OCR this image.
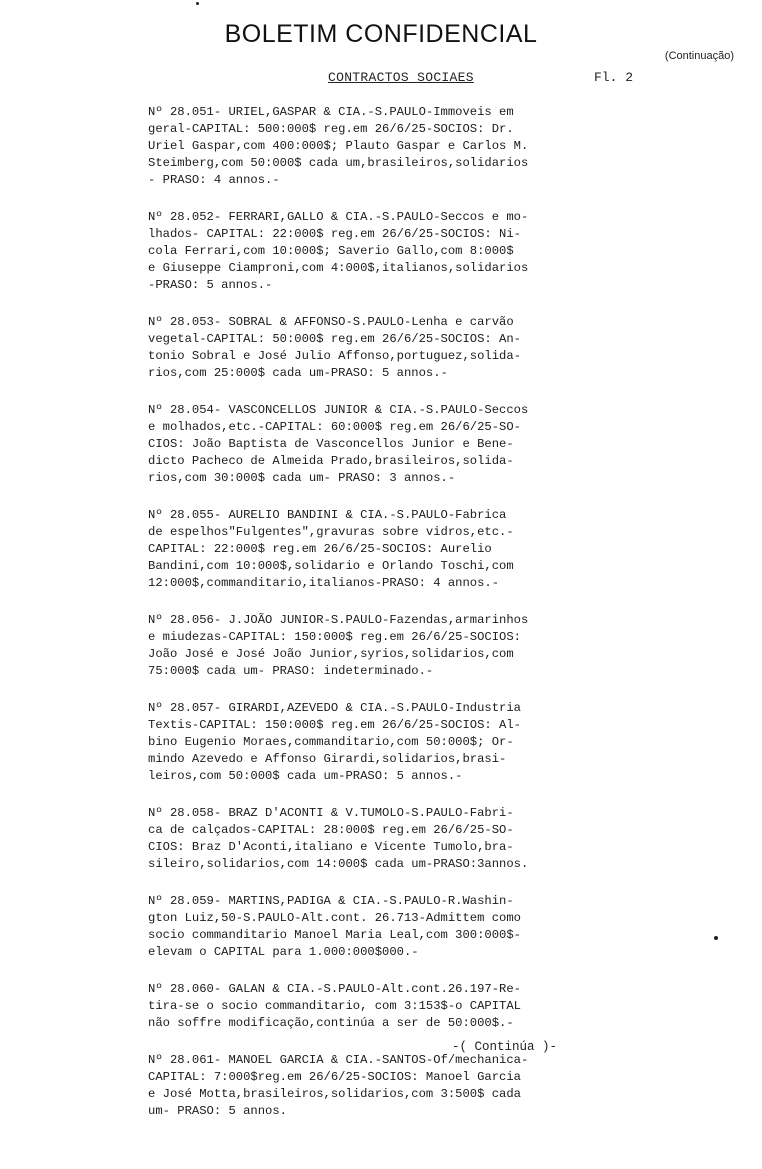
BOLETIM CONFIDENCIAL
(Continuação)
CONTRACTOS SOCIAES	Fl. 2
Nº 28.051- URIEL,GASPAR & CIA.-S.PAULO-Immoveis em
geral-CAPITAL: 500:000$ reg.em 26/6/25-SOCIOS: Dr.
Uriel Gaspar,com 400:000$; Plauto Gaspar e Carlos M.
Steimberg,com 50:000$ cada um,brasileiros,solidarios
- PRASO: 4 annos.-
Nº 28.052- FERRARI,GALLO & CIA.-S.PAULO-Seccos e mo-
lhados- CAPITAL: 22:000$ reg.em 26/6/25-SOCIOS: Ni-
cola Ferrari,com 10:000$; Saverio Gallo,com 8:000$
e Giuseppe Ciamproni,com 4:000$,italianos,solidarios
-PRASO: 5 annos.-
Nº 28.053- SOBRAL & AFFONSO-S.PAULO-Lenha e carvão
vegetal-CAPITAL: 50:000$ reg.em 26/6/25-SOCIOS: An-
tonio Sobral e José Julio Affonso,portuguez,solida-
rios,com 25:000$ cada um-PRASO: 5 annos.-
Nº 28.054- VASCONCELLOS JUNIOR & CIA.-S.PAULO-Seccos
e molhados,etc.-CAPITAL: 60:000$ reg.em 26/6/25-SO-
CIOS: João Baptista de Vasconcellos Junior e Bene-
dicto Pacheco de Almeida Prado,brasileiros,solida-
rios,com 30:000$ cada um- PRASO: 3 annos.-
Nº 28.055- AURELIO BANDINI & CIA.-S.PAULO-Fabrica
de espelhos"Fulgentes",gravuras sobre vidros,etc.-
CAPITAL: 22:000$ reg.em 26/6/25-SOCIOS: Aurelio
Bandini,com 10:000$,solidario e Orlando Toschi,com
12:000$,commanditario,italianos-PRASO: 4 annos.-
Nº 28.056- J.JOÃO JUNIOR-S.PAULO-Fazendas,armarinhos
e miudezas-CAPITAL: 150:000$ reg.em 26/6/25-SOCIOS:
João José e José João Junior,syrios,solidarios,com
75:000$ cada um- PRASO: indeterminado.-
Nº 28.057- GIRARDI,AZEVEDO & CIA.-S.PAULO-Industria
Textis-CAPITAL: 150:000$ reg.em 26/6/25-SOCIOS: Al-
bino Eugenio Moraes,commanditario,com 50:000$; Or-
mindo Azevedo e Affonso Girardi,solidarios,brasi-
leiros,com 50:000$ cada um-PRASO: 5 annos.-
Nº 28.058- BRAZ D'ACONTI & V.TUMOLO-S.PAULO-Fabri-
ca de calçados-CAPITAL: 28:000$ reg.em 26/6/25-SO-
CIOS: Braz D'Aconti,italiano e Vicente Tumolo,bra-
sileiro,solidarios,com 14:000$ cada um-PRASO:3annos.
Nº 28.059- MARTINS,PADIGA & CIA.-S.PAULO-R.Washin-
gton Luiz,50-S.PAULO-Alt.cont. 26.713-Admittem como
socio commanditario Manoel Maria Leal,com 300:000$-
elevam o CAPITAL para 1.000:000$000.-
Nº 28.060- GALAN & CIA.-S.PAULO-Alt.cont.26.197-Re-
tira-se o socio commanditario, com 3:153$-o CAPITAL
não soffre modificação,continúa a ser de 50:000$.-
Nº 28.061- MANOEL GARCIA & CIA.-SANTOS-Of/mechanica-
CAPITAL: 7:000$reg.em 26/6/25-SOCIOS: Manoel Garcia
e José Motta,brasileiros,solidarios,com 3:500$ cada
um- PRASO: 5 annos.
-( Continúa )-
